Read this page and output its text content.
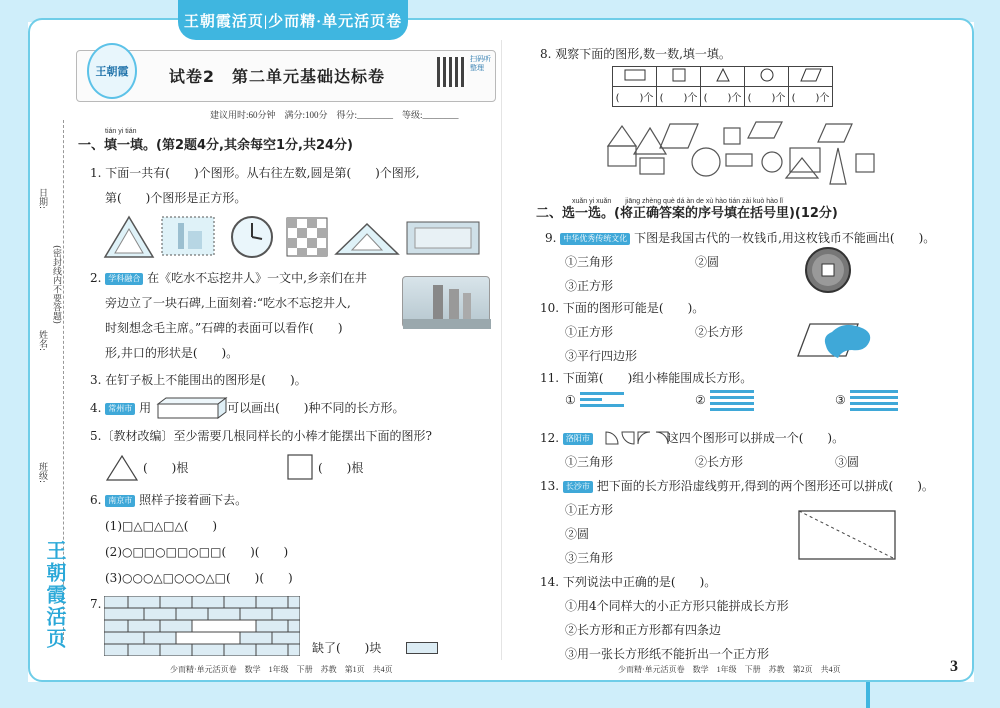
王朝霞活页|少而精·单元活页卷
王朝霞	试卷2　第二单元基础达标卷
扫码听整理
建议用时:60分钟　满分:100分　得分:________　等级:________
日期:
(密封线内不要答题)
姓名:
班级:
王朝霞活页
tián yi tián
一、填一填。(第2题4分,其余每空1分,共24分)
1. 下面一共有(　　)个图形。从右往左数,圆是第(　　)个图形,
第(　　)个图形是正方形。
2. 学科融合 在《吃水不忘挖井人》一文中,乡亲们在井
旁边立了一块石碑,上面刻着:“吃水不忘挖井人,
时刻想念毛主席。”石碑的表面可以看作(　　)
形,井口的形状是(　　)。
3. 在钉子板上不能围出的图形是(　　)。
4. 常州市 用	可以画出(　　)种不同的长方形。
5.〔教材改编〕至少需要几根同样长的小棒才能摆出下面的图形?
(　　)根	(　　)根
6. 南京市 照样子接着画下去。
(1)□△□△□△(　　)
(2)○□□○□□○□□(　　)(　　)
(3)○○○△□○○○△□(　　)(　　)
7.
缺了(　　)块
少而精·单元活页卷　数学　1年级　下册　苏教　第1页　共4页
8. 观察下面的图形,数一数,填一填。

(　　)个	(　　)个	(　　)个	(　　)个	(　　)个
xuǎn yi xuǎn　　jiāng zhèng què dá àn de xù hào tián zài kuò hào lǐ
二、选一选。(将正确答案的序号填在括号里)(12分)
9. 中华优秀传统文化 下图是我国古代的一枚钱币,用这枚钱币不能画出(　　)。
①三角形	②圆
③正方形
10. 下面的图形可能是(　　)。
①正方形	②长方形
③平行四边形
11. 下面第(　　)组小棒能围成长方形。
①	②	③
12. 洛阳市	这四个图形可以拼成一个(　　)。
①三角形	②长方形	③圆
13. 长沙市 把下面的长方形沿虚线剪开,得到的两个图形还可以拼成(　　)。
①正方形
②圆
③三角形
14. 下列说法中正确的是(　　)。
①用4个同样大的小正方形只能拼成长方形
②长方形和正方形都有四条边
③用一张长方形纸不能折出一个正方形
少而精·单元活页卷　数学　1年级　下册　苏教　第2页　共4页	3
